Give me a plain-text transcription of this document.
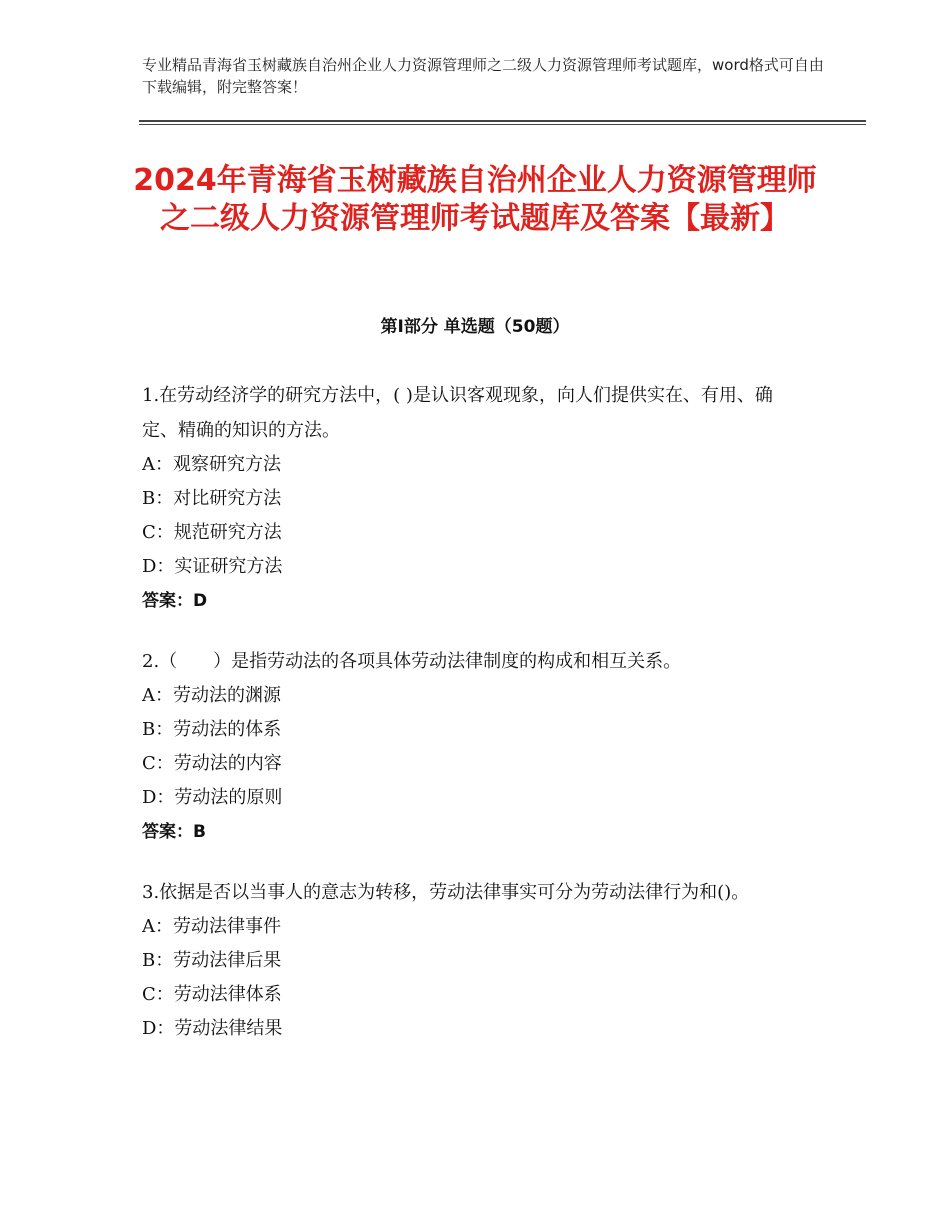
专业精品青海省玉树藏族自治州企业人力资源管理师之二级人力资源管理师考试题库，word格式可自由下载编辑，附完整答案！
2024年青海省玉树藏族自治州企业人力资源管理师之二级人力资源管理师考试题库及答案【最新】
第Ⅰ部分 单选题（50题）

1.在劳动经济学的研究方法中，( )是认识客观现象，向人们提供实在、有用、确定、精确的知识的方法。

A：观察研究方法

B：对比研究方法

C：规范研究方法

D：实证研究方法

答案：D

2.（　　）是指劳动法的各项具体劳动法律制度的构成和相互关系。

A：劳动法的渊源

B：劳动法的体系

C：劳动法的内容

D：劳动法的原则

答案：B

3.依据是否以当事人的意志为转移，劳动法律事实可分为劳动法律行为和()。

A：劳动法律事件

B：劳动法律后果

C：劳动法律体系

D：劳动法律结果
